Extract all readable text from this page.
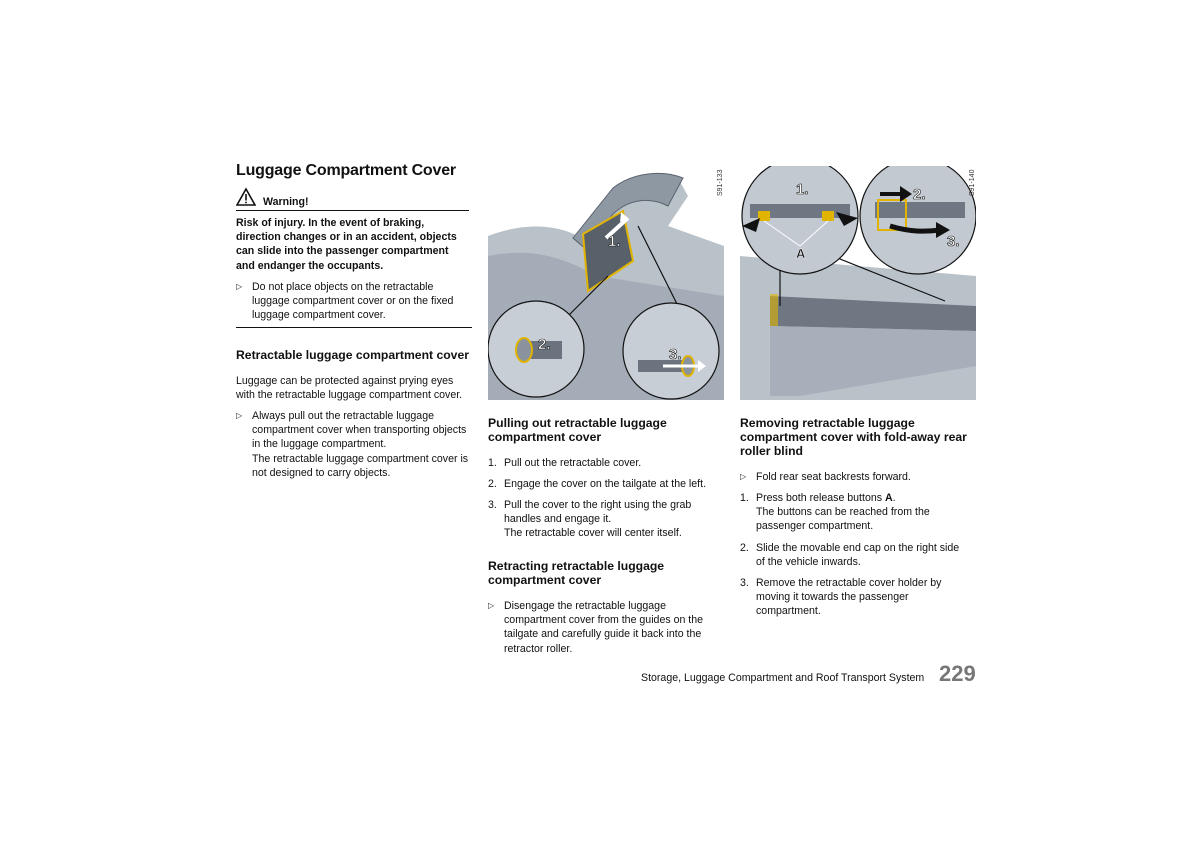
Luggage Compartment Cover
Warning!
Risk of injury. In the event of braking,
direction changes or in an accident, objects
can slide into the passenger compartment
and endanger the occupants.
▷ Do not place objects on the retractable
luggage compartment cover or on the fixed
luggage compartment cover.
Retractable luggage compartment cover
Luggage can be protected against prying eyes
with the retractable luggage compartment cover.
▷ Always pull out the retractable luggage
compartment cover when transporting objects
in the luggage compartment.
The retractable luggage compartment cover is
not designed to carry objects.
1.
2.
3.
S91-133	1.
A
2.
3.
S91-140
Pulling out retractable luggage
compartment cover
1. Pull out the retractable cover.
2. Engage the cover on the tailgate at the left.
3. Pull the cover to the right using the grab
handles and engage it.
The retractable cover will center itself.
Retracting retractable luggage
compartment cover
▷ Disengage the retractable luggage
compartment cover from the guides on the
tailgate and carefully guide it back into the
retractor roller.
Removing retractable luggage
compartment cover with fold-away rear
roller blind
▷ Fold rear seat backrests forward.
1. Press both release buttons A.
The buttons can be reached from the
passenger compartment.
2. Slide the movable end cap on the right side
of the vehicle inwards.
3. Remove the retractable cover holder by
moving it towards the passenger
compartment.
Storage, Luggage Compartment and Roof Transport System 229
